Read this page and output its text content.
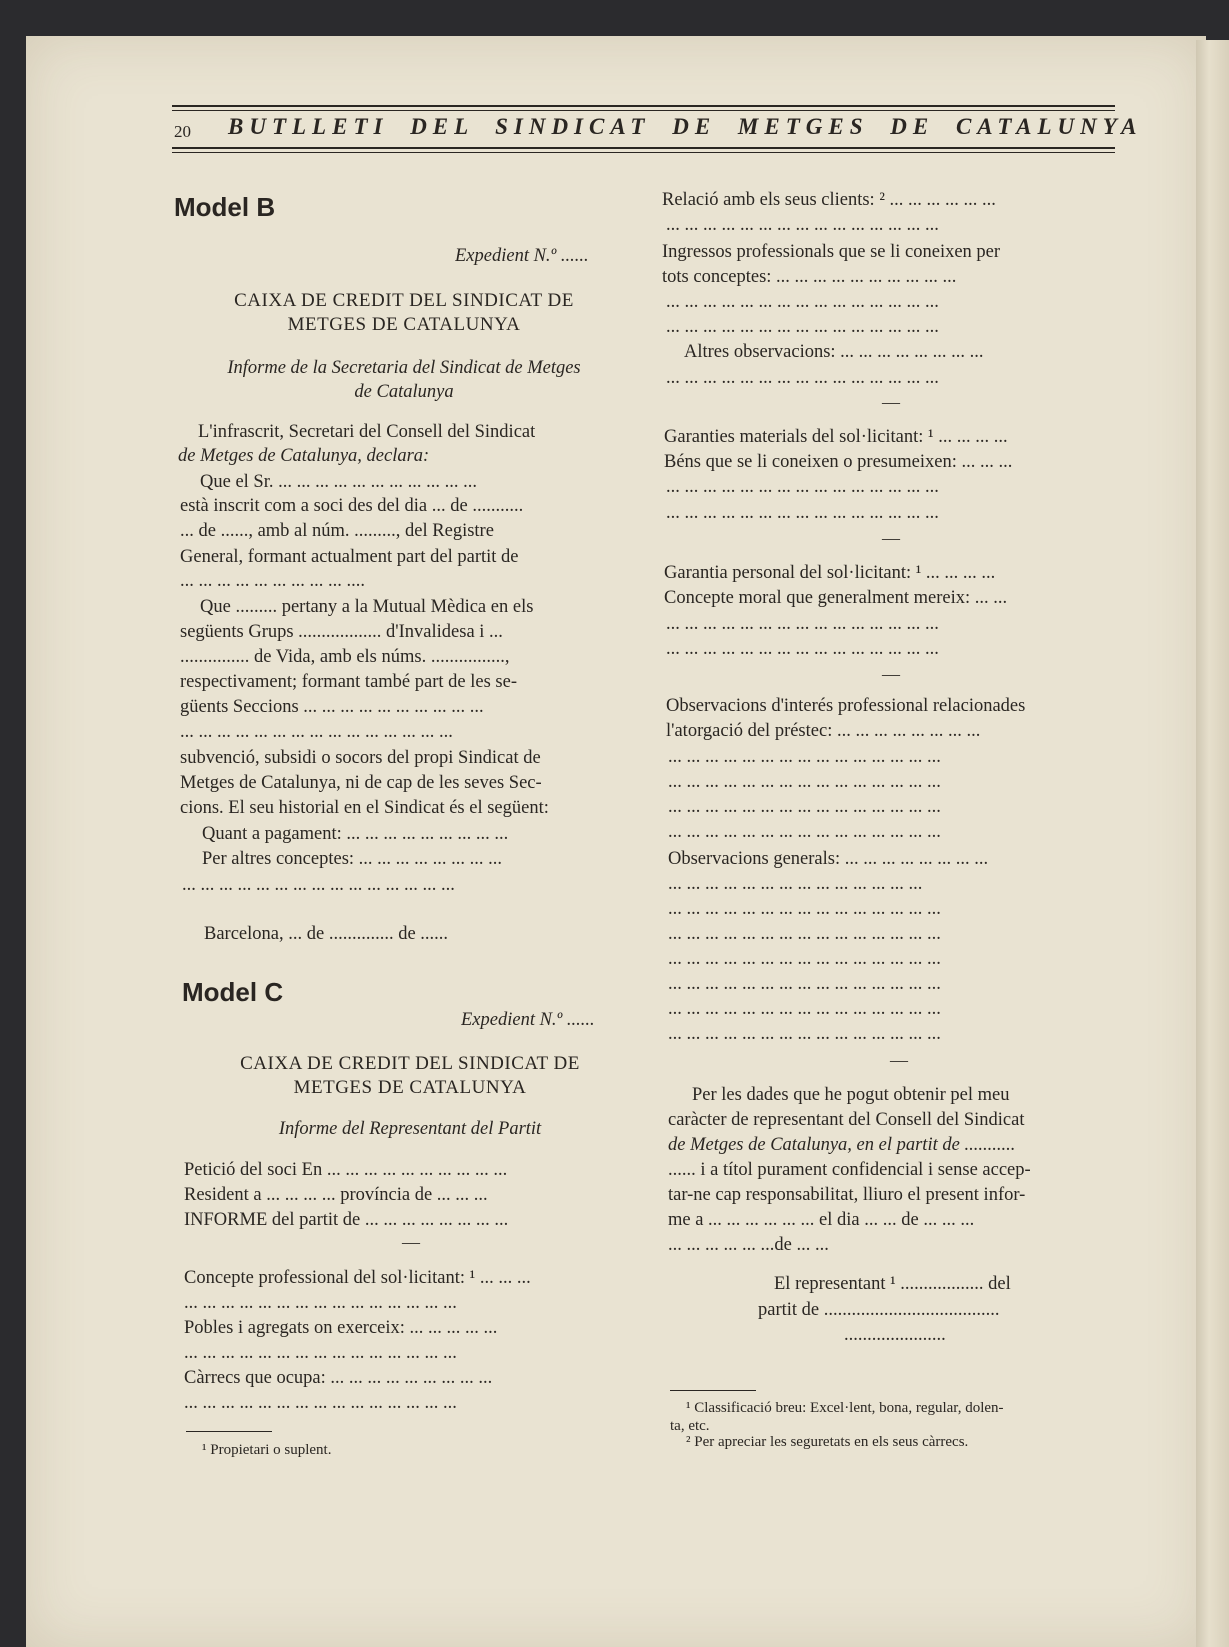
20 BUTLLETI DEL SINDICAT DE METGES DE CATALUNYA
Model B
Expedient N.º ......
CAIXA DE CREDIT DEL SINDICAT DE
METGES DE CATALUNYA
Informe de la Secretaria del Sindicat de Metges
de Catalunya
L'infrascrit, Secretari del Consell del Sindicat
de Metges de Catalunya, declara:
Que el Sr. ... ... ... ... ... ... ... ... ... ... ...
està inscrit com a soci des del dia ... de ...........
... de ......, amb al núm. ........., del Registre
General, formant actualment part del partit de
... ... ... ... ... ... ... ... ... ....
Que ......... pertany a la Mutual Mèdica en els
següents Grups .................. d'Invalidesa i ...
............... de Vida, amb els núms. ................,
respectivament; formant també part de les se-
güents Seccions ... ... ... ... ... ... ... ... ... ...
... ... ... ... ... ... ... ... ... ... ... ... ... ... ...
subvenció, subsidi o socors del propi Sindicat de
Metges de Catalunya, ni de cap de les seves Sec-
cions. El seu historial en el Sindicat és el següent:
Quant a pagament: ... ... ... ... ... ... ... ... ...
Per altres conceptes: ... ... ... ... ... ... ... ...
... ... ... ... ... ... ... ... ... ... ... ... ... ... ...
Barcelona, ... de .............. de ......
Model C
Expedient N.º ......
CAIXA DE CREDIT DEL SINDICAT DE
METGES DE CATALUNYA
Informe del Representant del Partit
Petició del soci En ... ... ... ... ... ... ... ... ... ...
Resident a ... ... ... ... província de ... ... ...
INFORME del partit de ... ... ... ... ... ... ... ...
—
Concepte professional del sol·licitant: ¹ ... ... ...
... ... ... ... ... ... ... ... ... ... ... ... ... ... ...
Pobles i agregats on exerceix: ... ... ... ... ...
... ... ... ... ... ... ... ... ... ... ... ... ... ... ...
Càrrecs que ocupa: ... ... ... ... ... ... ... ... ...
... ... ... ... ... ... ... ... ... ... ... ... ... ... ...
¹ Propietari o suplent.
Relació amb els seus clients: ² ... ... ... ... ... ...
... ... ... ... ... ... ... ... ... ... ... ... ... ... ...
Ingressos professionals que se li coneixen per
tots conceptes: ... ... ... ... ... ... ... ... ... ...
... ... ... ... ... ... ... ... ... ... ... ... ... ... ...
... ... ... ... ... ... ... ... ... ... ... ... ... ... ...
Altres observacions: ... ... ... ... ... ... ... ...
... ... ... ... ... ... ... ... ... ... ... ... ... ... ...
—
Garanties materials del sol·licitant: ¹ ... ... ... ...
Béns que se li coneixen o presumeixen: ... ... ...
... ... ... ... ... ... ... ... ... ... ... ... ... ... ...
... ... ... ... ... ... ... ... ... ... ... ... ... ... ...
—
Garantia personal del sol·licitant: ¹ ... ... ... ...
Concepte moral que generalment mereix: ... ...
... ... ... ... ... ... ... ... ... ... ... ... ... ... ...
... ... ... ... ... ... ... ... ... ... ... ... ... ... ...
—
Observacions d'interés professional relacionades
l'atorgació del préstec: ... ... ... ... ... ... ... ...
... ... ... ... ... ... ... ... ... ... ... ... ... ... ...
... ... ... ... ... ... ... ... ... ... ... ... ... ... ...
... ... ... ... ... ... ... ... ... ... ... ... ... ... ...
... ... ... ... ... ... ... ... ... ... ... ... ... ... ...
Observacions generals: ... ... ... ... ... ... ... ...
... ... ... ... ... ... ... ... ... ... ... ... ... ...
... ... ... ... ... ... ... ... ... ... ... ... ... ... ...
... ... ... ... ... ... ... ... ... ... ... ... ... ... ...
... ... ... ... ... ... ... ... ... ... ... ... ... ... ...
... ... ... ... ... ... ... ... ... ... ... ... ... ... ...
... ... ... ... ... ... ... ... ... ... ... ... ... ... ...
... ... ... ... ... ... ... ... ... ... ... ... ... ... ...
—
Per les dades que he pogut obtenir pel meu
caràcter de representant del Consell del Sindicat
de Metges de Catalunya, en el partit de ...........
...... i a títol purament confidencial i sense accep-
tar-ne cap responsabilitat, lliuro el present infor-
me a ... ... ... ... ... ... el dia ... ... de ... ... ...
... ... ... ... ... ...de ... ...
El representant ¹ .................. del
partit de ......................................
......................
¹ Classificació breu: Excel·lent, bona, regular, dolen-
ta, etc.
² Per apreciar les seguretats en els seus càrrecs.
